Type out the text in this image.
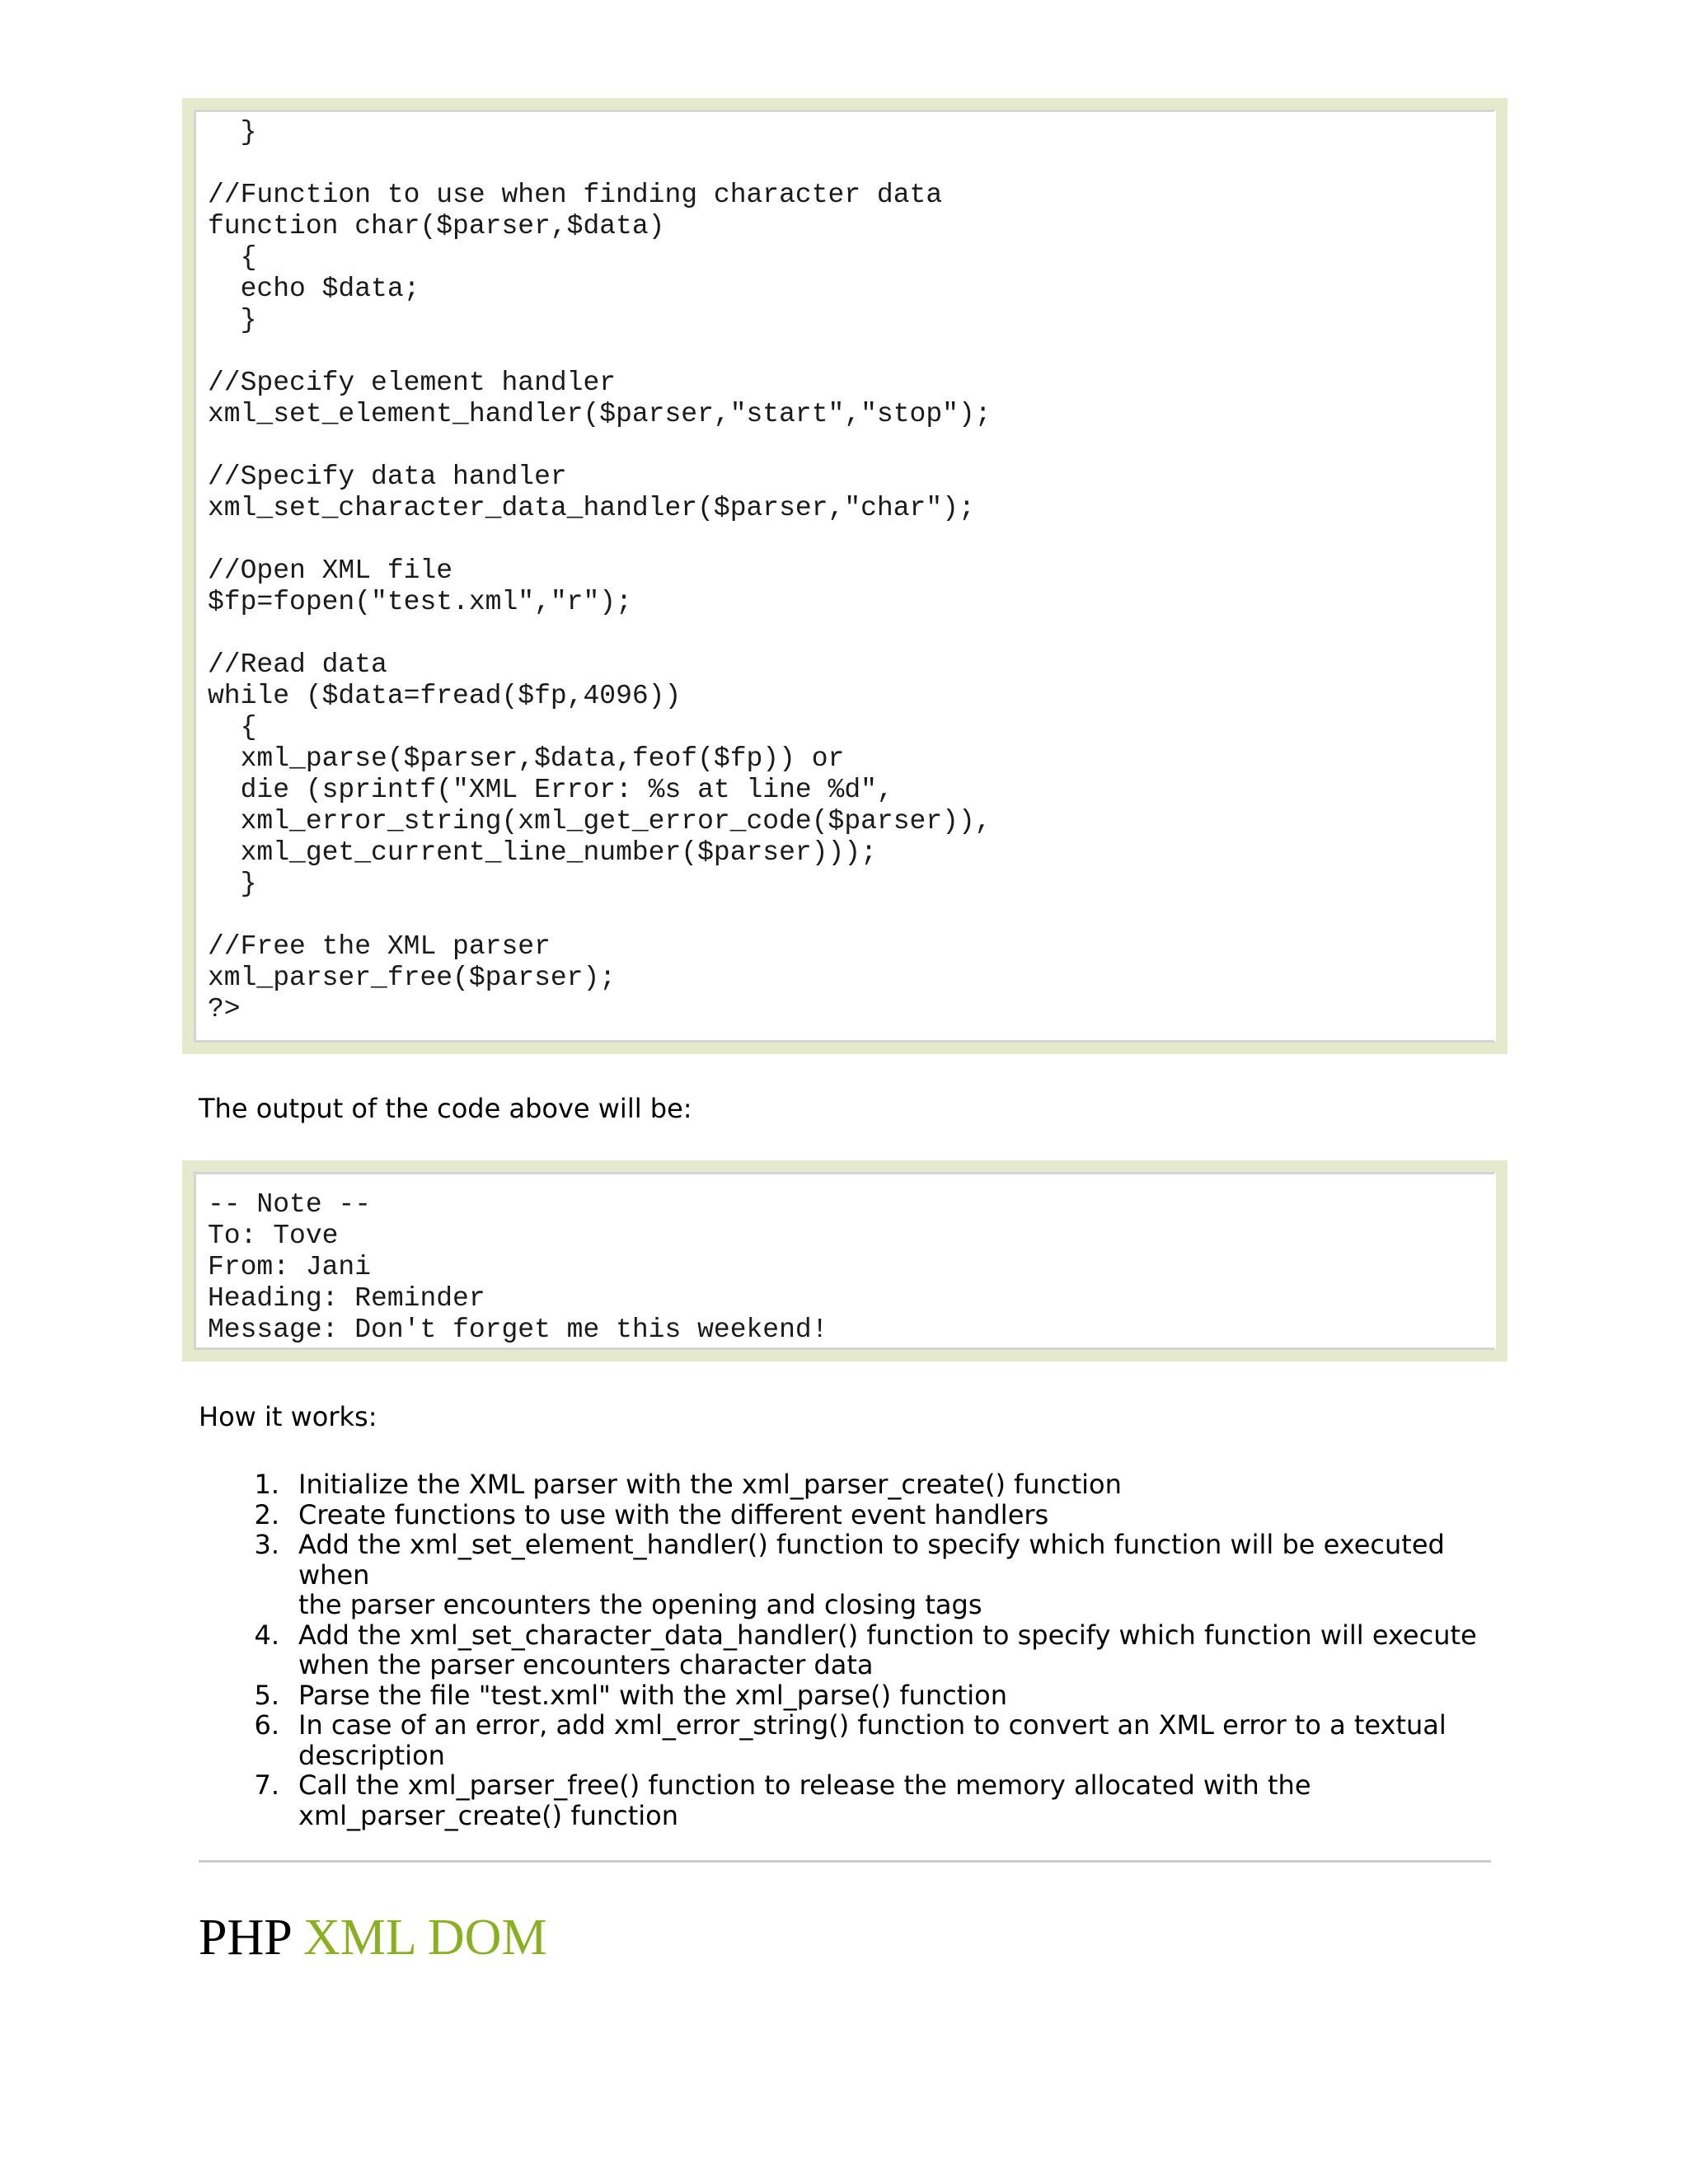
}
//Function to use when finding character data
function char($parser,$data)
{
echo $data;
}
//Specify element handler
xml_set_element_handler($parser,"start","stop");
//Specify data handler
xml_set_character_data_handler($parser,"char");
//Open XML file
$fp=fopen("test.xml","r");
//Read data
while ($data=fread($fp,4096))
{
xml_parse($parser,$data,feof($fp)) or
die (sprintf("XML Error: %s at line %d",
xml_error_string(xml_get_error_code($parser)),
xml_get_current_line_number($parser)));
}
//Free the XML parser
xml_parser_free($parser);
?>
The output of the code above will be:
-- Note --
To: Tove
From: Jani
Heading: Reminder
Message: Don't forget me this weekend!
How it works:
1. Initialize the XML parser with the xml_parser_create() function
2. Create functions to use with the different event handlers
3. Add the xml_set_element_handler() function to specify which function will be executed when
the parser encounters the opening and closing tags
4. Add the xml_set_character_data_handler() function to specify which function will execute
when the parser encounters character data
5. Parse the file "test.xml" with the xml_parse() function
6. In case of an error, add xml_error_string() function to convert an XML error to a textual
description
7. Call the xml_parser_free() function to release the memory allocated with the
xml_parser_create() function
PHP XML DOM
